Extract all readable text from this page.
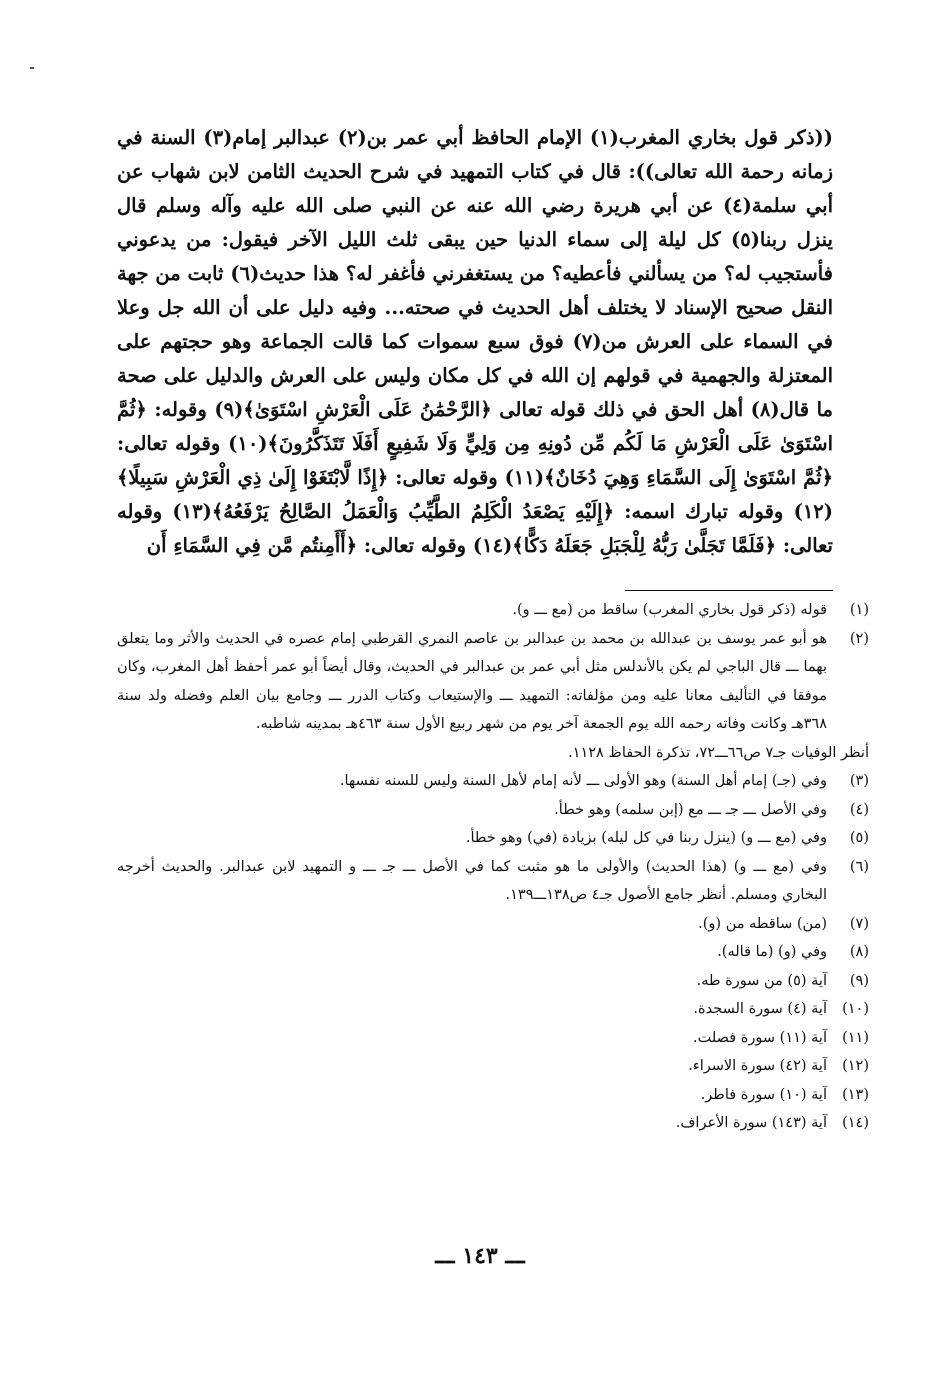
((ذكر قول بخاري المغرب(١) الإمام الحافظ أبي عمر بن(٢) عبدالبر إمام(٣) السنة في زمانه رحمة الله تعالى)): قال في كتاب التمهيد في شرح الحديث الثامن لابن شهاب عن أبي سلمة(٤) عن أبي هريرة رضي الله عنه عن النبي صلى الله عليه وآله وسلم قال ينزل ربنا(٥) كل ليلة إلى سماء الدنيا حين يبقى ثلث الليل الآخر فيقول: من يدعوني فأستجيب له؟ من يسألني فأعطيه؟ من يستغفرني فأغفر له؟ هذا حديث(٦) ثابت من جهة النقل صحيح الإسناد لا يختلف أهل الحديث في صحته... وفيه دليل على أن الله جل وعلا في السماء على العرش من(٧) فوق سبع سموات كما قالت الجماعة وهو حجتهم على المعتزلة والجهمية في قولهم إن الله في كل مكان وليس على العرش والدليل على صحة ما قال(٨) أهل الحق في ذلك قوله تعالى ﴿الرَّحْمَٰنُ عَلَى الْعَرْشِ اسْتَوَىٰ﴾(٩) وقوله: ﴿ثُمَّ اسْتَوَىٰ عَلَى الْعَرْشِ مَا لَكُم مِّن دُونِهِ مِن وَلِيٍّ وَلَا شَفِيعٍ أَفَلَا تَتَذَكَّرُونَ﴾(١٠) وقوله تعالى: ﴿ثُمَّ اسْتَوَىٰ إِلَى السَّمَاءِ وَهِيَ دُخَانٌ﴾(١١) وقوله تعالى: ﴿إِذًا لَّابْتَغَوْا إِلَىٰ ذِي الْعَرْشِ سَبِيلًا﴾(١٢) وقوله تبارك اسمه: ﴿إِلَيْهِ يَصْعَدُ الْكَلِمُ الطَّيِّبُ وَالْعَمَلُ الصَّالِحُ يَرْفَعُهُ﴾(١٣) وقوله تعالى: ﴿فَلَمَّا تَجَلَّىٰ رَبُّهُ لِلْجَبَلِ جَعَلَهُ دَكًّا﴾(١٤) وقوله تعالى: ﴿أَأَمِنتُم مَّن فِي السَّمَاءِ أَن

(١)
قوله (ذكر قول بخاري المغرب) ساقط من (مع ـــ و).
(٢)
هو أبو عمر يوسف بن عبدالله بن محمد بن عبدالبر بن عاصم النمري القرطبي إمام عصره في الحديث والأثر وما يتعلق بهما ـــ قال الباجي لم يكن بالأندلس مثل أبي عمر بن عبدالبر في الحديث، وقال أيضاً أبو عمر أحفظ أهل المغرب، وكان موفقا في التأليف معانا عليه ومن مؤلفاته: التمهيد ـــ والإستيعاب وكتاب الدرر ـــ وجامع بيان العلم وفضله ولد سنة ٣٦٨هـ وكانت وفاته رحمه الله يوم الجمعة آخر يوم من شهر ربيع الأول سنة ٤٦٣هـ بمدينه شاطبه.
أنظر الوفيات جـ٧ ص٦٦ـــ٧٢، تذكرة الحفاظ ١١٢٨.
(٣)
وفي (جـ) إمام أهل السنة) وهو الأولى ـــ لأنه إمام لأهل السنة وليس للسنه نفسها.
(٤)
وفي الأصل ـــ جـ ـــ مع (إبن سلمه) وهو خطأ.
(٥)
وفي (مع ـــ و) (ينزل ربنا في كل ليله) بزيادة (في) وهو خطأ.
(٦)
وفي (مع ـــ و) (هذا الحديث) والأولى ما هو مثبت كما في الأصل ـــ جـ ـــ و التمهيد لابن عبدالبر. والحديث أخرجه البخاري ومسلم. أنظر جامع الأصول جـ٤ ص١٣٨ـــ١٣٩.
(٧)
(من) ساقطه من (و).
(٨)
وفي (و) (ما قاله).
(٩)
آية (٥) من سورة طه.
(١٠)
آية (٤) سورة السجدة.
(١١)
آية (١١) سورة فصلت.
(١٢)
آية (٤٢) سورة الاسراء.
(١٣)
آية (١٠) سورة فاطر.
(١٤)
آية (١٤٣) سورة الأعراف.
ـــ ١٤٣ ـــ
